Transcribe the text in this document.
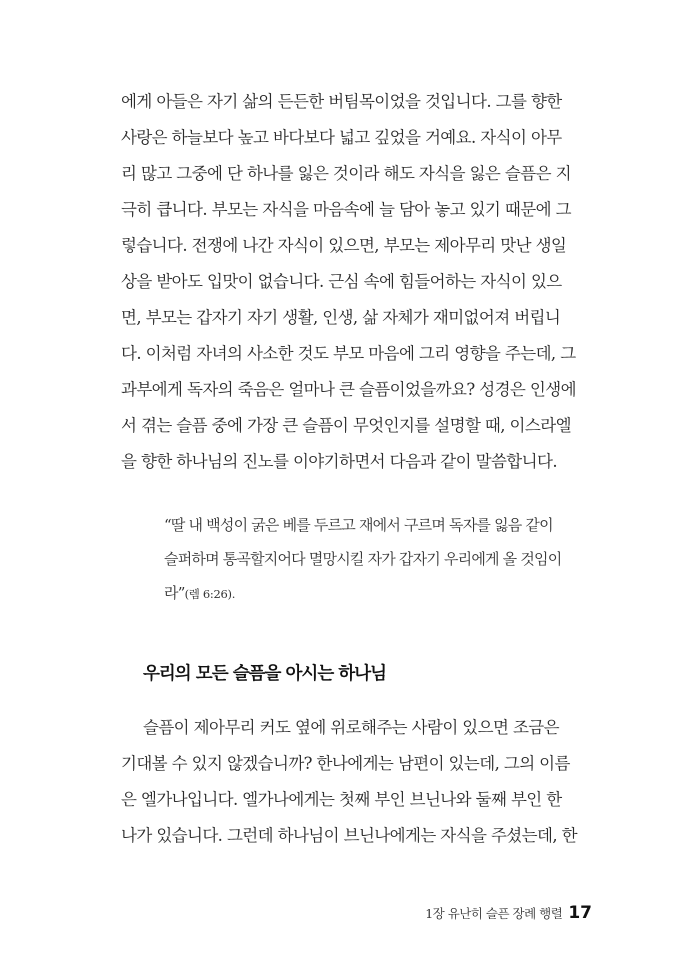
에게 아들은 자기 삶의 든든한 버팀목이었을 것입니다. 그를 향한
사랑은 하늘보다 높고 바다보다 넓고 깊었을 거예요. 자식이 아무
리 많고 그중에 단 하나를 잃은 것이라 해도 자식을 잃은 슬픔은 지
극히 큽니다. 부모는 자식을 마음속에 늘 담아 놓고 있기 때문에 그
렇습니다. 전쟁에 나간 자식이 있으면, 부모는 제아무리 맛난 생일
상을 받아도 입맛이 없습니다. 근심 속에 힘들어하는 자식이 있으
면, 부모는 갑자기 자기 생활, 인생, 삶 자체가 재미없어져 버립니
다. 이처럼 자녀의 사소한 것도 부모 마음에 그리 영향을 주는데, 그
과부에게 독자의 죽음은 얼마나 큰 슬픔이었을까요? 성경은 인생에
서 겪는 슬픔 중에 가장 큰 슬픔이 무엇인지를 설명할 때, 이스라엘
을 향한 하나님의 진노를 이야기하면서 다음과 같이 말씀합니다.
“딸 내 백성이 굵은 베를 두르고 재에서 구르며 독자를 잃음 같이
슬퍼하며 통곡할지어다 멸망시킬 자가 갑자기 우리에게 올 것임이
라”(렘 6:26).
우리의 모든 슬픔을 아시는 하나님
슬픔이 제아무리 커도 옆에 위로해주는 사람이 있으면 조금은
기대볼 수 있지 않겠습니까? 한나에게는 남편이 있는데, 그의 이름
은 엘가나입니다. 엘가나에게는 첫째 부인 브닌나와 둘째 부인 한
나가 있습니다. 그런데 하나님이 브닌나에게는 자식을 주셨는데, 한
1장 유난히 슬픈 장례 행렬 17
